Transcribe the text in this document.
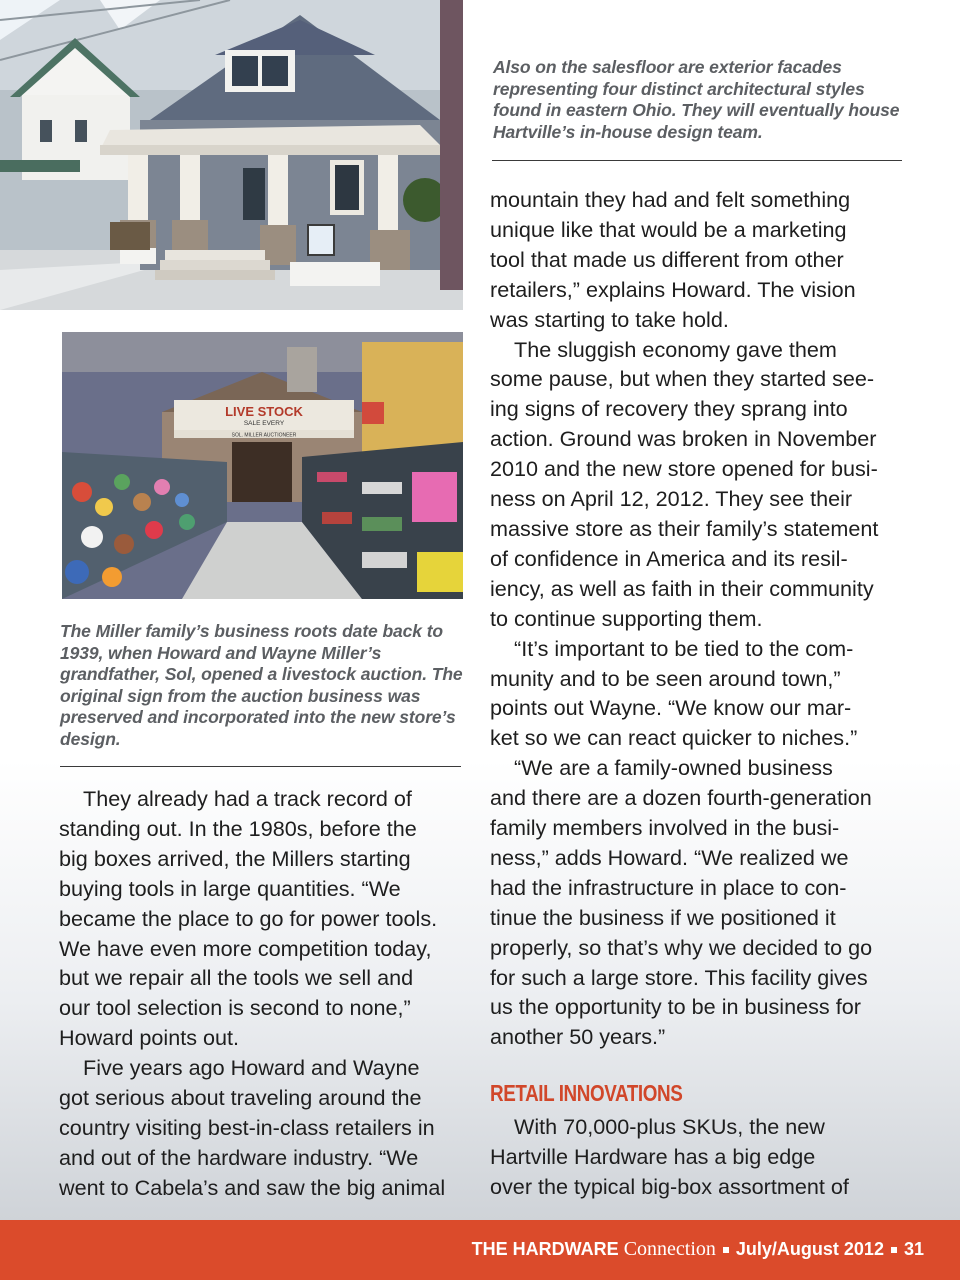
LIVE STOCK
SALE EVERY
SOL. MILLER AUCTIONEER
Also on the salesfloor are exterior facades representing four distinct architectural styles found in eastern Ohio. They will eventually house Hartville’s in-house design team.
The Miller family’s business roots date back to 1939, when Howard and Wayne Miller’s grandfather, Sol, opened a livestock auction. The original sign from the auction business was preserved and incorporated into the new store’s design.

They already had a track record of

standing out. In the 1980s, before the

big boxes arrived, the Millers starting

buying tools in large quantities. “We

became the place to go for power tools.

We have even more competition today,

but we repair all the tools we sell and

our tool selection is second to none,”

Howard points out.

Five years ago Howard and Wayne

got serious about traveling around the

country visiting best-in-class retailers in

and out of the hardware industry. “We

went to Cabela’s and saw the big animal

mountain they had and felt something

unique like that would be a marketing

tool that made us different from other

retailers,” explains Howard. The vision

was starting to take hold.

The sluggish economy gave them

some pause, but when they started see-

ing signs of recovery they sprang into

action. Ground was broken in November

2010 and the new store opened for busi-

ness on April 12, 2012. They see their

massive store as their family’s statement

of confidence in America and its resil-

iency, as well as faith in their community

to continue supporting them.

“It’s important to be tied to the com-

munity and to be seen around town,”

points out Wayne. “We know our mar-

ket so we can react quicker to niches.”

“We are a family-owned business

and there are a dozen fourth-generation

family members involved in the busi-

ness,” adds Howard. “We realized we

had the infrastructure in place to con-

tinue the business if we positioned it

properly, so that’s why we decided to go

for such a large store. This facility gives

us the opportunity to be in business for

another 50 years.”

RETAIL INNOVATIONS

With 70,000-plus SKUs, the new

Hartville Hardware has a big edge

over the typical big-box assortment of

THE HARDWARE Connection July/August 2012 31
